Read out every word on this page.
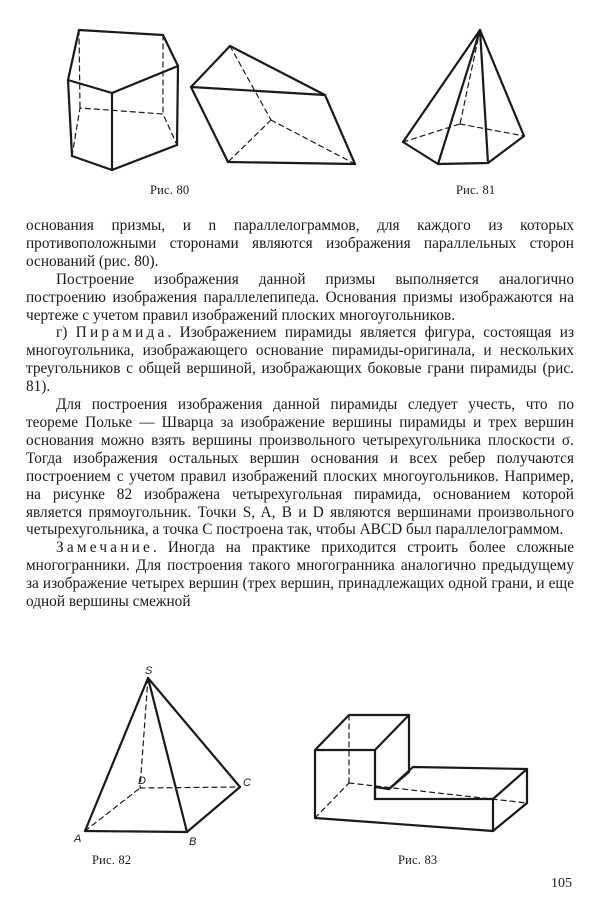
Рис. 80	Рис. 81

основания призмы, и n параллелограммов, для каждого из которых противоположными сторонами являются изображения параллельных сторон оснований (рис. 80).

Построение изображения данной призмы выполняется аналогично построению изображения параллелепипеда. Основания призмы изображаются на чертеже с учетом правил изображений плоских многоугольников.

г) Пирамида. Изображением пирамиды является фигура, состоящая из многоугольника, изображающего основание пирамиды-оригинала, и нескольких треугольников с общей вершиной, изображающих боковые грани пирамиды (рис. 81).

Для построения изображения данной пирамиды следует учесть, что по теореме Польке — Шварца за изображение вершины пирамиды и трех вершин основания можно взять вершины произвольного четырехугольника плоскости σ. Тогда изображения остальных вершин основания и всех ребер получаются построением с учетом правил изображений плоских многоугольников. Например, на рисунке 82 изображена четырехугольная пирамида, основанием которой является прямоугольник. Точки S, A, B и D являются вершинами произвольного четырехугольника, а точка C построена так, чтобы ABCD был параллелограммом.

Замечание. Иногда на практике приходится строить более сложные многогранники. Для построения такого многогранника аналогично предыдущему за изображение четырех вершин (трех вершин, принадлежащих одной грани, и еще одной вершины смежной

S
D	C
A	B
Рис. 82	Рис. 83
105
